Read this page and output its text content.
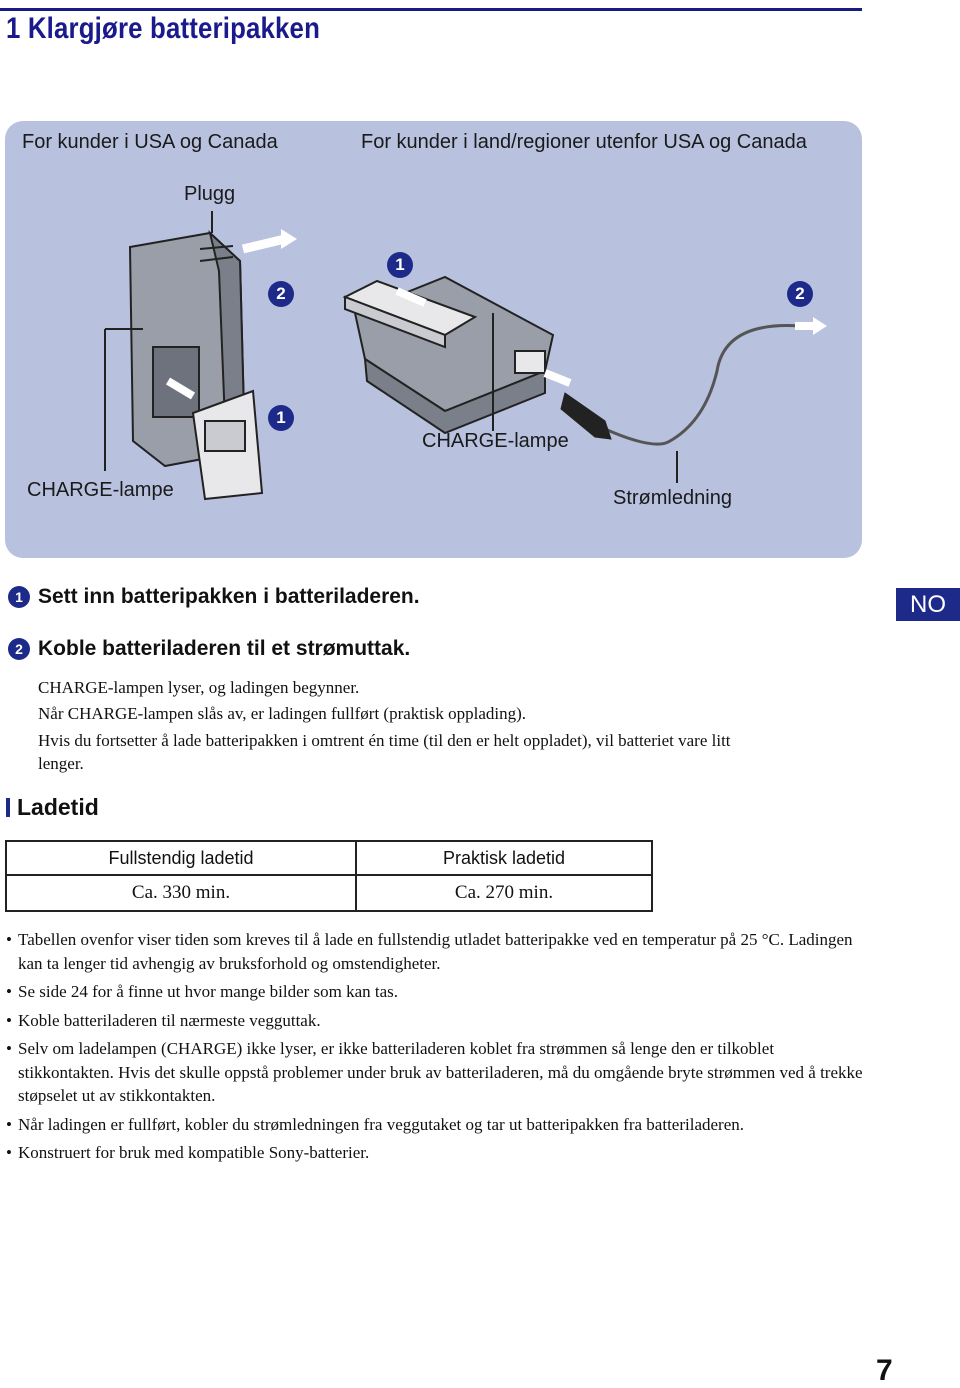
1 Klargjøre batteripakken
For kunder i USA og Canada	For kunder i land/regioner utenfor USA og Canada
Plugg
CHARGE-lampe
CHARGE-lampe
Strømledning
2
1
1
2
1 Sett inn batteripakken i batteriladeren.
2 Koble batteriladeren til et strømuttak.
NO
CHARGE-lampen lyser, og ladingen begynner.
Når CHARGE-lampen slås av, er ladingen fullført (praktisk opplading).
Hvis du fortsetter å lade batteripakken i omtrent én time (til den er helt oppladet), vil batteriet vare litt
lenger.
Ladetid
Fullstendig ladetid	Praktisk ladetid
Ca. 330 min.	Ca. 270 min.
• Tabellen ovenfor viser tiden som kreves til å lade en fullstendig utladet batteripakke ved en temperatur på 25 °C. Ladingen kan ta lenger tid avhengig av bruksforhold og omstendigheter.
• Se side 24 for å finne ut hvor mange bilder som kan tas.
• Koble batteriladeren til nærmeste vegguttak.
• Selv om ladelampen (CHARGE) ikke lyser, er ikke batteriladeren koblet fra strømmen så lenge den er tilkoblet stikkontakten. Hvis det skulle oppstå problemer under bruk av batteriladeren, må du omgående bryte strømmen ved å trekke støpselet ut av stikkontakten.
• Når ladingen er fullført, kobler du strømledningen fra veggutaket og tar ut batteripakken fra batteriladeren.
• Konstruert for bruk med kompatible Sony-batterier.
7
